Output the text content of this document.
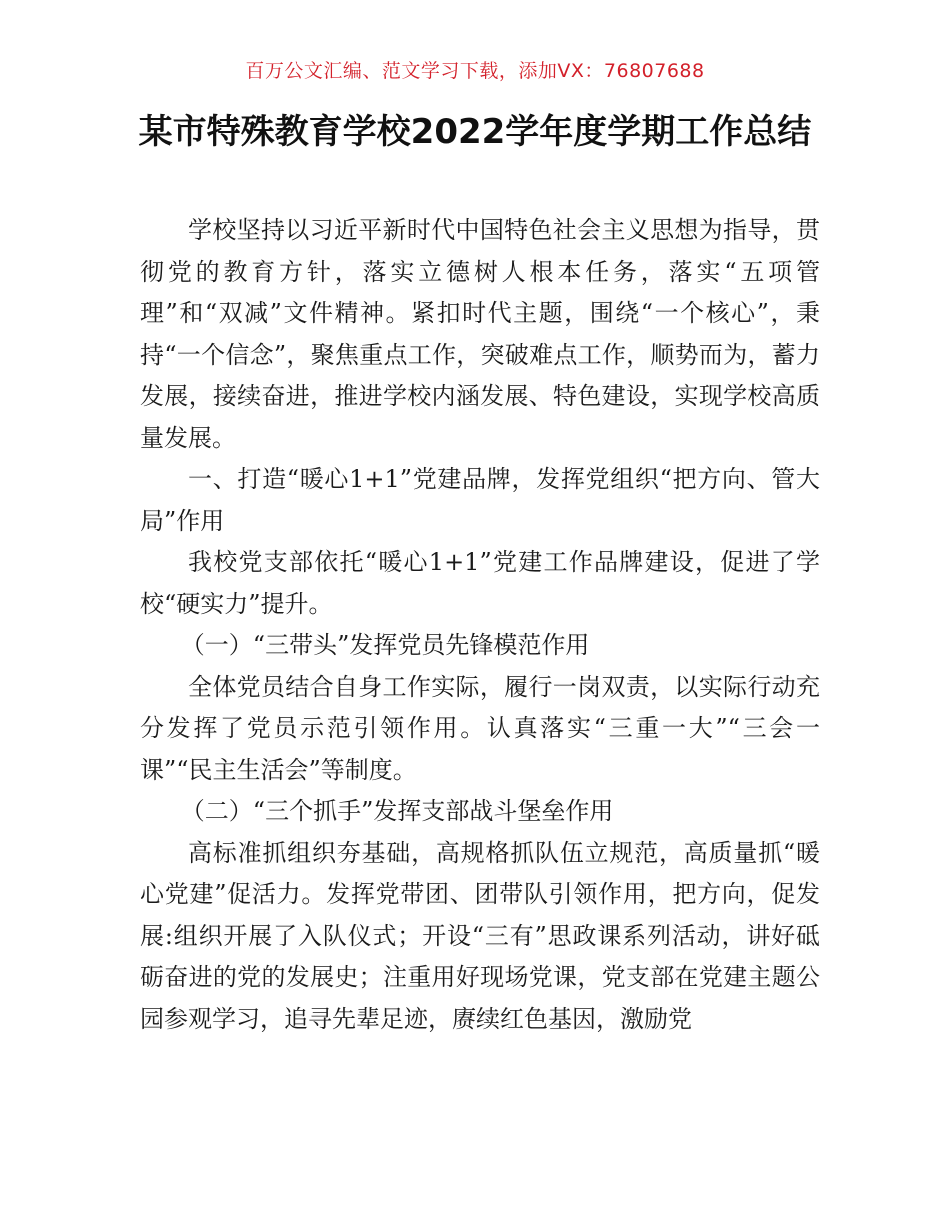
百万公文汇编、范文学习下载，添加VX：76807688
某市特殊教育学校2022学年度学期工作总结

学校坚持以习近平新时代中国特色社会主义思想为指导，贯彻党的教育方针，落实立德树人根本任务，落实“五项管理”和“双减”文件精神。紧扣时代主题，围绕“一个核心”，秉持“一个信念”，聚焦重点工作，突破难点工作，顺势而为，蓄力发展，接续奋进，推进学校内涵发展、特色建设，实现学校高质量发展。

一、打造“暖心1+1”党建品牌，发挥党组织“把方向、管大局”作用

我校党支部依托“暖心1+1”党建工作品牌建设，促进了学校“硬实力”提升。

（一）“三带头”发挥党员先锋模范作用

全体党员结合自身工作实际，履行一岗双责，以实际行动充分发挥了党员示范引领作用。认真落实“三重一大”“三会一课”“民主生活会”等制度。

（二）“三个抓手”发挥支部战斗堡垒作用

高标准抓组织夯基础，高规格抓队伍立规范，高质量抓“暖心党建”促活力。发挥党带团、团带队引领作用，把方向，促发展:组织开展了入队仪式；开设“三有”思政课系列活动，讲好砥砺奋进的党的发展史；注重用好现场党课，党支部在党建主题公园参观学习，追寻先辈足迹，赓续红色基因，激励党
